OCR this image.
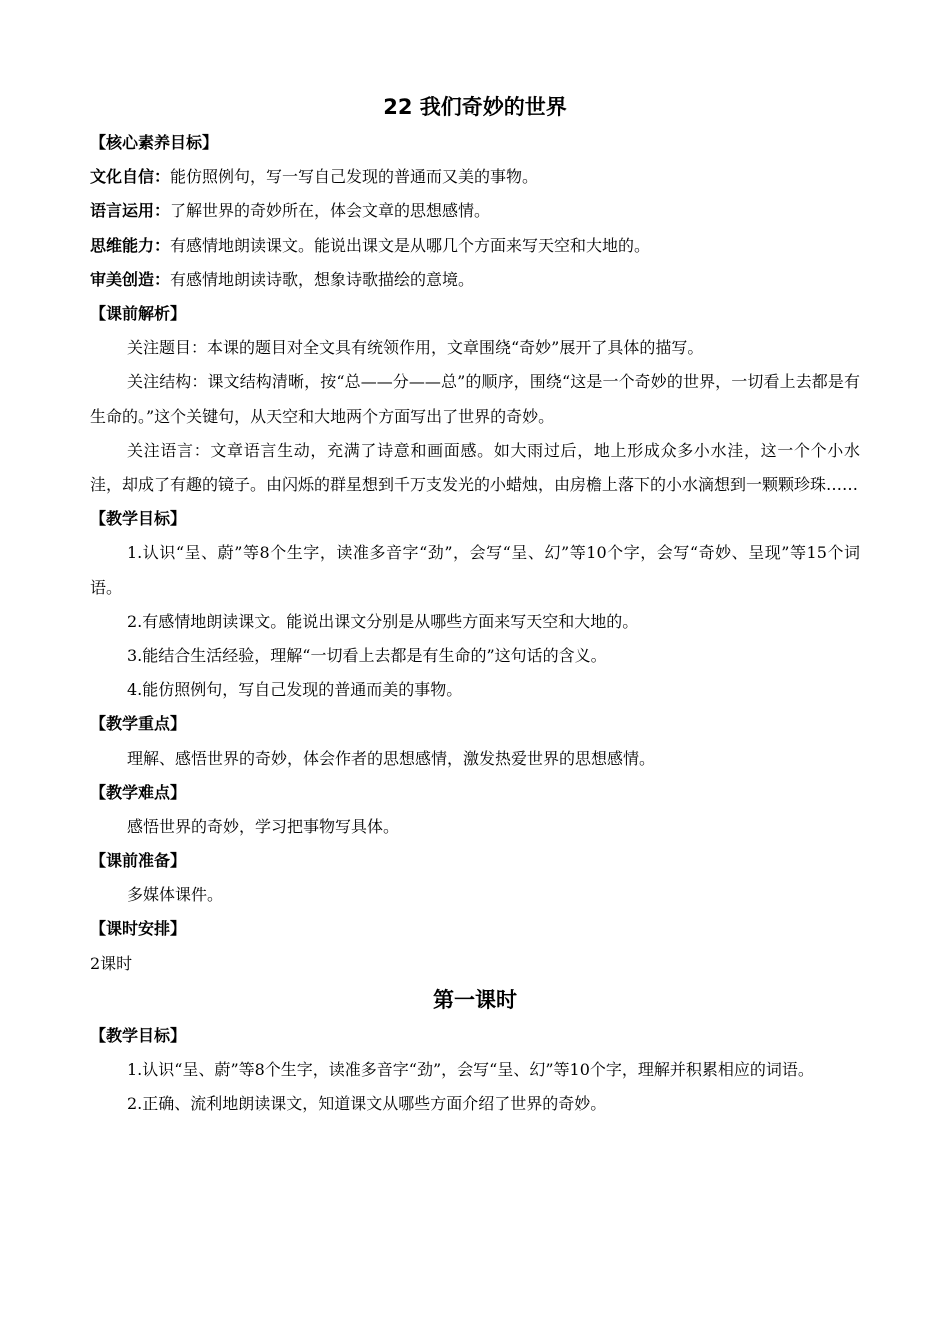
22 我们奇妙的世界
【核心素养目标】
文化自信：能仿照例句，写一写自己发现的普通而又美的事物。
语言运用：了解世界的奇妙所在，体会文章的思想感情。
思维能力：有感情地朗读课文。能说出课文是从哪几个方面来写天空和大地的。
审美创造：有感情地朗读诗歌，想象诗歌描绘的意境。
【课前解析】

关注题目：本课的题目对全文具有统领作用，文章围绕“奇妙”展开了具体的描写。

关注结构：课文结构清晰，按“总——分——总”的顺序，围绕“这是一个奇妙的世界，一切看上去都是有生命的。”这个关键句，从天空和大地两个方面写出了世界的奇妙。

关注语言：文章语言生动，充满了诗意和画面感。如大雨过后，地上形成众多小水洼，这一个个小水洼，却成了有趣的镜子。由闪烁的群星想到千万支发光的小蜡烛，由房檐上落下的小水滴想到一颗颗珍珠……

【教学目标】

1.认识“呈、蔚”等8个生字，读准多音字“劲”，会写“呈、幻”等10个字，会写“奇妙、呈现”等15个词语。

2.有感情地朗读课文。能说出课文分别是从哪些方面来写天空和大地的。

3.能结合生活经验，理解“一切看上去都是有生命的”这句话的含义。

4.能仿照例句，写自己发现的普通而美的事物。

【教学重点】
理解、感悟世界的奇妙，体会作者的思想感情，激发热爱世界的思想感情。
【教学难点】
感悟世界的奇妙，学习把事物写具体。
【课前准备】
多媒体课件。
【课时安排】
2课时
第一课时
【教学目标】

1.认识“呈、蔚”等8个生字，读准多音字“劲”，会写“呈、幻”等10个字，理解并积累相应的词语。

2.正确、流利地朗读课文，知道课文从哪些方面介绍了世界的奇妙。
